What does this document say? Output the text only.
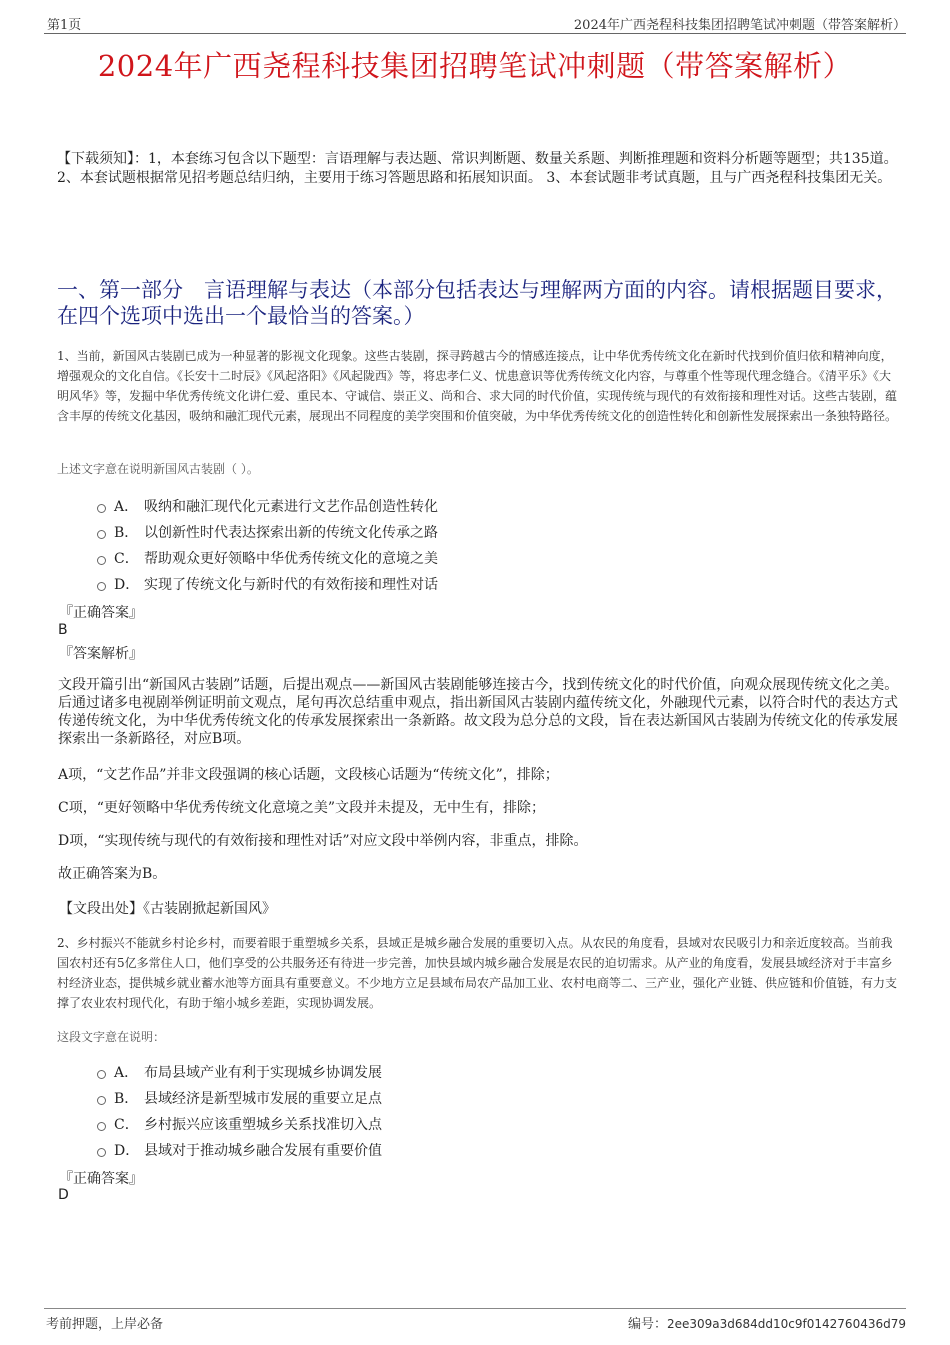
第1页	2024年广西尧程科技集团招聘笔试冲刺题（带答案解析）
2024年广西尧程科技集团招聘笔试冲刺题（带答案解析）
【下载须知】：1，本套练习包含以下题型：言语理解与表达题、常识判断题、数量关系题、判断推理题和资料分析题等题型；共135道。 2、本套试题根据常见招考题总结归纳，主要用于练习答题思路和拓展知识面。 3、本套试题非考试真题，且与广西尧程科技集团无关。
一、第一部分　言语理解与表达（本部分包括表达与理解两方面的内容。请根据题目要求，在四个选项中选出一个最恰当的答案。）
1、当前，新国风古装剧已成为一种显著的影视文化现象。这些古装剧，探寻跨越古今的情感连接点，让中华优秀传统文化在新时代找到价值归依和精神向度，增强观众的文化自信。《长安十二时辰》《风起洛阳》《风起陇西》等，将忠孝仁义、忧患意识等优秀传统文化内容，与尊重个性等现代理念缝合。《清平乐》《大明风华》等，发掘中华优秀传统文化讲仁爱、重民本、守诚信、崇正义、尚和合、求大同的时代价值，实现传统与现代的有效衔接和理性对话。这些古装剧，蕴含丰厚的传统文化基因，吸纳和融汇现代元素，展现出不同程度的美学突围和价值突破，为中华优秀传统文化的创造性转化和创新性发展探索出一条独特路径。
上述文字意在说明新国风古装剧（ ）。
A． 吸纳和融汇现代化元素进行文艺作品创造性转化
B． 以创新性时代表达探索出新的传统文化传承之路
C． 帮助观众更好领略中华优秀传统文化的意境之美
D． 实现了传统文化与新时代的有效衔接和理性对话
『正确答案』
B
『答案解析』
文段开篇引出“新国风古装剧”话题，后提出观点——新国风古装剧能够连接古今，找到传统文化的时代价值，向观众展现传统文化之美。后通过诸多电视剧举例证明前文观点，尾句再次总结重申观点，指出新国风古装剧内蕴传统文化，外融现代元素，以符合时代的表达方式传递传统文化，为中华优秀传统文化的传承发展探索出一条新路。故文段为总分总的文段，旨在表达新国风古装剧为传统文化的传承发展探索出一条新路径，对应B项。
A项，“文艺作品”并非文段强调的核心话题，文段核心话题为“传统文化”，排除；
C项，“更好领略中华优秀传统文化意境之美”文段并未提及，无中生有，排除；
D项，“实现传统与现代的有效衔接和理性对话”对应文段中举例内容，非重点，排除。
故正确答案为B。
【文段出处】《古装剧掀起新国风》
2、乡村振兴不能就乡村论乡村，而要着眼于重塑城乡关系，县域正是城乡融合发展的重要切入点。从农民的角度看，县域对农民吸引力和亲近度较高。当前我国农村还有5亿多常住人口，他们享受的公共服务还有待进一步完善，加快县域内城乡融合发展是农民的迫切需求。从产业的角度看，发展县域经济对于丰富乡村经济业态，提供城乡就业蓄水池等方面具有重要意义。不少地方立足县域布局农产品加工业、农村电商等二、三产业，强化产业链、供应链和价值链，有力支撑了农业农村现代化，有助于缩小城乡差距，实现协调发展。
这段文字意在说明：
A． 布局县域产业有利于实现城乡协调发展
B． 县域经济是新型城市发展的重要立足点
C． 乡村振兴应该重塑城乡关系找准切入点
D． 县域对于推动城乡融合发展有重要价值
『正确答案』
D
考前押题，上岸必备	编号：2ee309a3d684dd10c9f0142760436d79
